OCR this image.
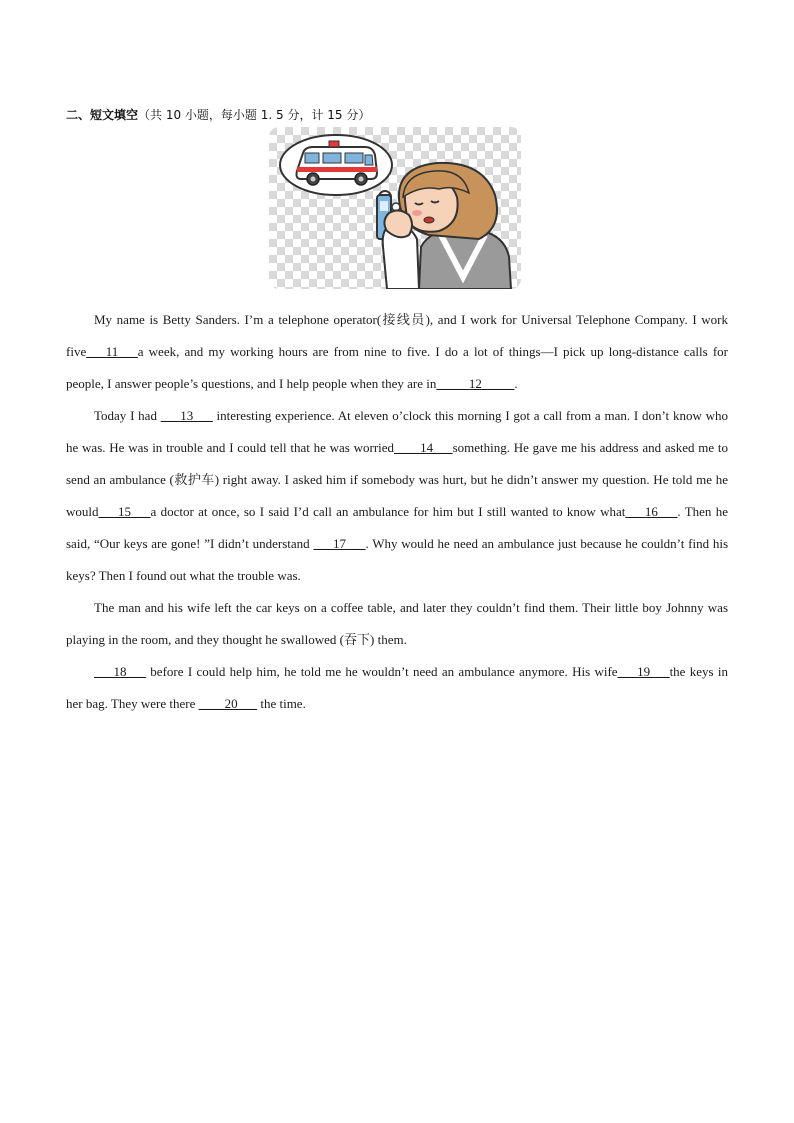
二、短文填空（共 10 小题，每小题 1. 5 分，计 15 分）

My name is Betty Sanders. I’m a telephone operator(接线员), and I work for Universal Telephone Company. I work five___11___a week, and my working hours are from nine to five. I do a lot of things—I pick up long-distance calls for people, I answer people’s questions, and I help people when they are in_____12_____.

Today I had ___13___ interesting experience. At eleven o’clock this morning I got a call from a man. I don’t know who he was. He was in trouble and I could tell that he was worried____14___something. He gave me his address and asked me to send an ambulance (救护车) right away. I asked him if somebody was hurt, but he didn’t answer my question. He told me he would___15___a doctor at once, so I said I’d call an ambulance for him but I still wanted to know what___16___. Then he said, “Our keys are gone! ”I didn’t understand ___17___. Why would he need an ambulance just because he couldn’t find his keys? Then I found out what the trouble was.

The man and his wife left the car keys on a coffee table, and later they couldn’t find them. Their little boy Johnny was playing in the room, and they thought he swallowed (吞下) them.

___18___ before I could help him, he told me he wouldn’t need an ambulance anymore. His wife___19___the keys in her bag. They were there ____20___ the time.
